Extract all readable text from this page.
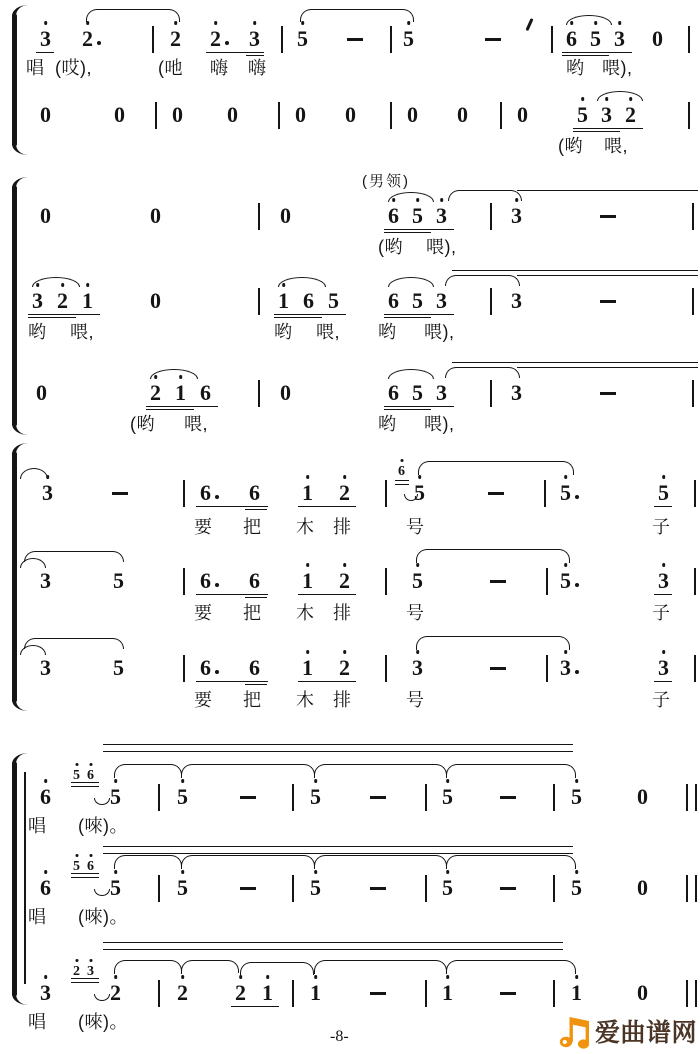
-8-	爱曲谱网
3 2	2 2 3 5	5	6 5 3 0
唱 (哎),	(吔 嗨 嗨	哟 喂),
0	0 0 0	0 0 0 0 0 5 3 2
(哟 喂,
(男领)
0	0	0	6 5 3	3
(哟 喂),
3 2 1	0	1 6 5 6 5 3	3
哟 喂,	哟 喂, 哟 喂),
0	2 1 6	0	6 5 3	3
(哟 喂,	哟 喂),
3	6 6 1 2
6
5	5	5
要 把 木 排	号	子
3	5	6 6 1 2	5	5	3
要 把 木 排	号	子
3	5	6 6 1 2	3	3	3
要 把 木 排	号	子
6
5 6
5	5	5	5	5	0
唱 (唻)。
6
5 6
5	5	5	5	5	0
唱 (唻)。
3
2 3
2	2 2 1 1	1	1	0
唱 (唻)。
